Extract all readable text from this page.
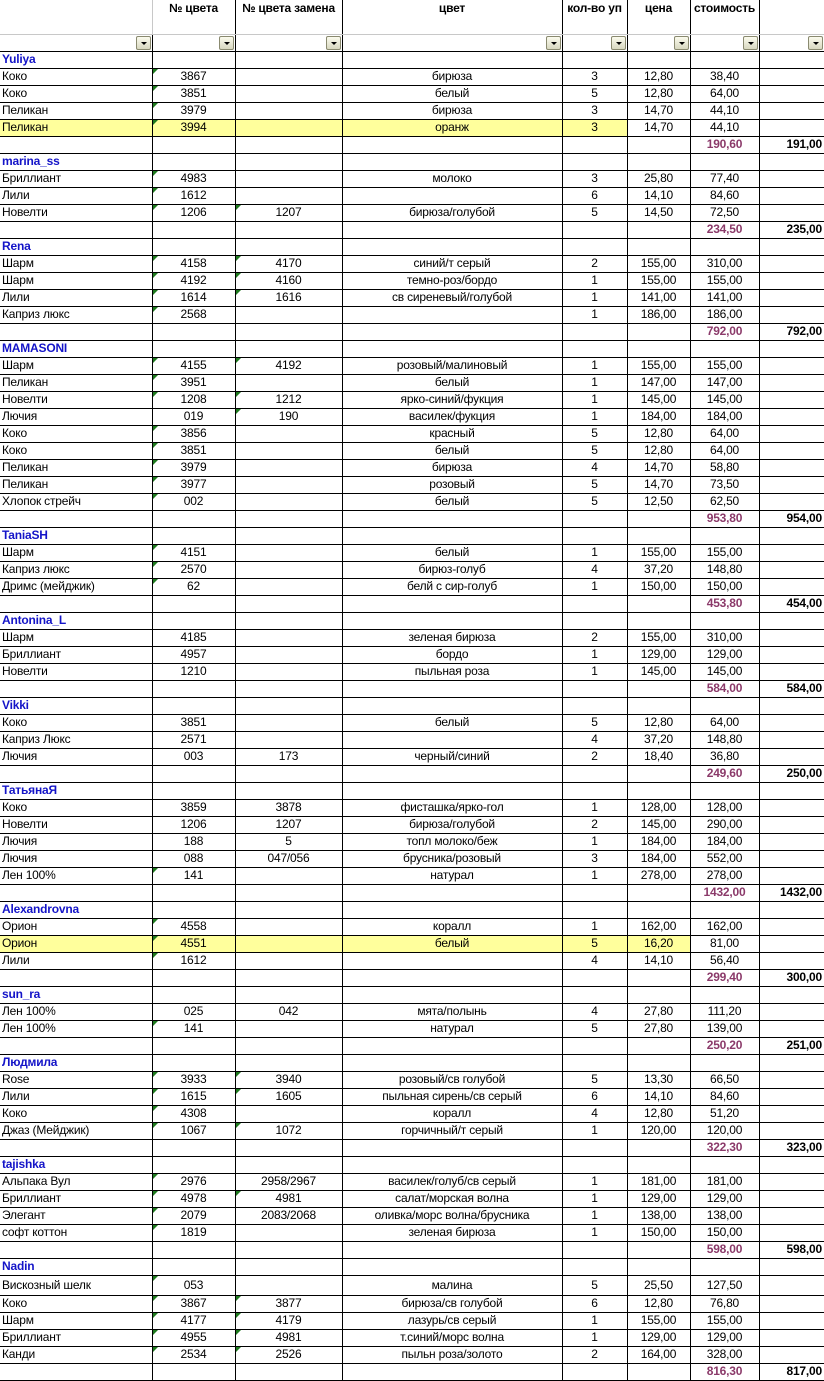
	№ цвета	№ цвета замена	цвет	кол-во уп	цена	стоимость	

Yuliya							
Коко	3867		бирюза	3	12,80	38,40	
Коко	3851		белый	5	12,80	64,00	
Пеликан	3979		бирюза	3	14,70	44,10	
Пеликан	3994		оранж	3	14,70	44,10	
						190,60	191,00
marina_ss							
Бриллиант	4983		молоко	3	25,80	77,40	
Лили	1612			6	14,10	84,60	
Новелти	1206	1207	бирюза/голубой	5	14,50	72,50	
						234,50	235,00
Rena							
Шарм	4158	4170	синий/т серый	2	155,00	310,00	
Шарм	4192	4160	темно-роз/бордо	1	155,00	155,00	
Лили	1614	1616	св сиреневый/голубой	1	141,00	141,00	
Каприз люкс	2568			1	186,00	186,00	
						792,00	792,00
MAMASONI							
Шарм	4155	4192	розовый/малиновый	1	155,00	155,00	
Пеликан	3951		белый	1	147,00	147,00	
Новелти	1208	1212	ярко-синий/фукция	1	145,00	145,00	
Лючия	019	190	василек/фукция	1	184,00	184,00	
Коко	3856		красный	5	12,80	64,00	
Коко	3851		белый	5	12,80	64,00	
Пеликан	3979		бирюза	4	14,70	58,80	
Пеликан	3977		розовый	5	14,70	73,50	
Хлопок стрейч	002		белый	5	12,50	62,50	
						953,80	954,00
TaniaSH							
Шарм	4151		белый	1	155,00	155,00	
Каприз люкс	2570		бирюз-голуб	4	37,20	148,80	
Дримс (мейджик)	62		белй с сир-голуб	1	150,00	150,00	
						453,80	454,00
Antonina_L							
Шарм	4185		зеленая бирюза	2	155,00	310,00	
Бриллиант	4957		бордо	1	129,00	129,00	
Новелти	1210		пыльная роза	1	145,00	145,00	
						584,00	584,00
Vikki							
Коко	3851		белый	5	12,80	64,00	
Каприз Люкс	2571			4	37,20	148,80	
Лючия	003	173	черный/синий	2	18,40	36,80	
						249,60	250,00
ТатьянаЯ							
Коко	3859	3878	фисташка/ярко-гол	1	128,00	128,00	
Новелти	1206	1207	бирюза/голубой	2	145,00	290,00	
Лючия	188	5	топл молоко/беж	1	184,00	184,00	
Лючия	088	047/056	брусника/розовый	3	184,00	552,00	
Лен 100%	141		натурал	1	278,00	278,00	
						1432,00	1432,00
Alexandrovna							
Орион	4558		коралл	1	162,00	162,00	
Орион	4551		белый	5	16,20	81,00	
Лили	1612			4	14,10	56,40	
						299,40	300,00
sun_ra							
Лен 100%	025	042	мята/полынь	4	27,80	111,20	
Лен 100%	141		натурал	5	27,80	139,00	
						250,20	251,00
Людмила							
Rose	3933	3940	розовый/св голубой	5	13,30	66,50	
Лили	1615	1605	пыльная сирень/св серый	6	14,10	84,60	
Коко	4308		коралл	4	12,80	51,20	
Джаз (Мейджик)	1067	1072	горчичный/т серый	1	120,00	120,00	
						322,30	323,00
tajishka							
Альпака Вул	2976	2958/2967	василек/голуб/св серый	1	181,00	181,00	
Бриллиант	4978	4981	салат/морская волна	1	129,00	129,00	
Элегант	2079	2083/2068	оливка/морс волна/брусника	1	138,00	138,00	
софт коттон	1819		зеленая бирюза	1	150,00	150,00	
						598,00	598,00
Nadin							
Вискозный шелк	053		малина	5	25,50	127,50	
Коко	3867	3877	бирюза/св голубой	6	12,80	76,80	
Шарм	4177	4179	лазурь/св серый	1	155,00	155,00	
Бриллиант	4955	4981	т.синий/морс волна	1	129,00	129,00	
Канди	2534	2526	пыльн роза/золото	2	164,00	328,00	
						816,30	817,00
